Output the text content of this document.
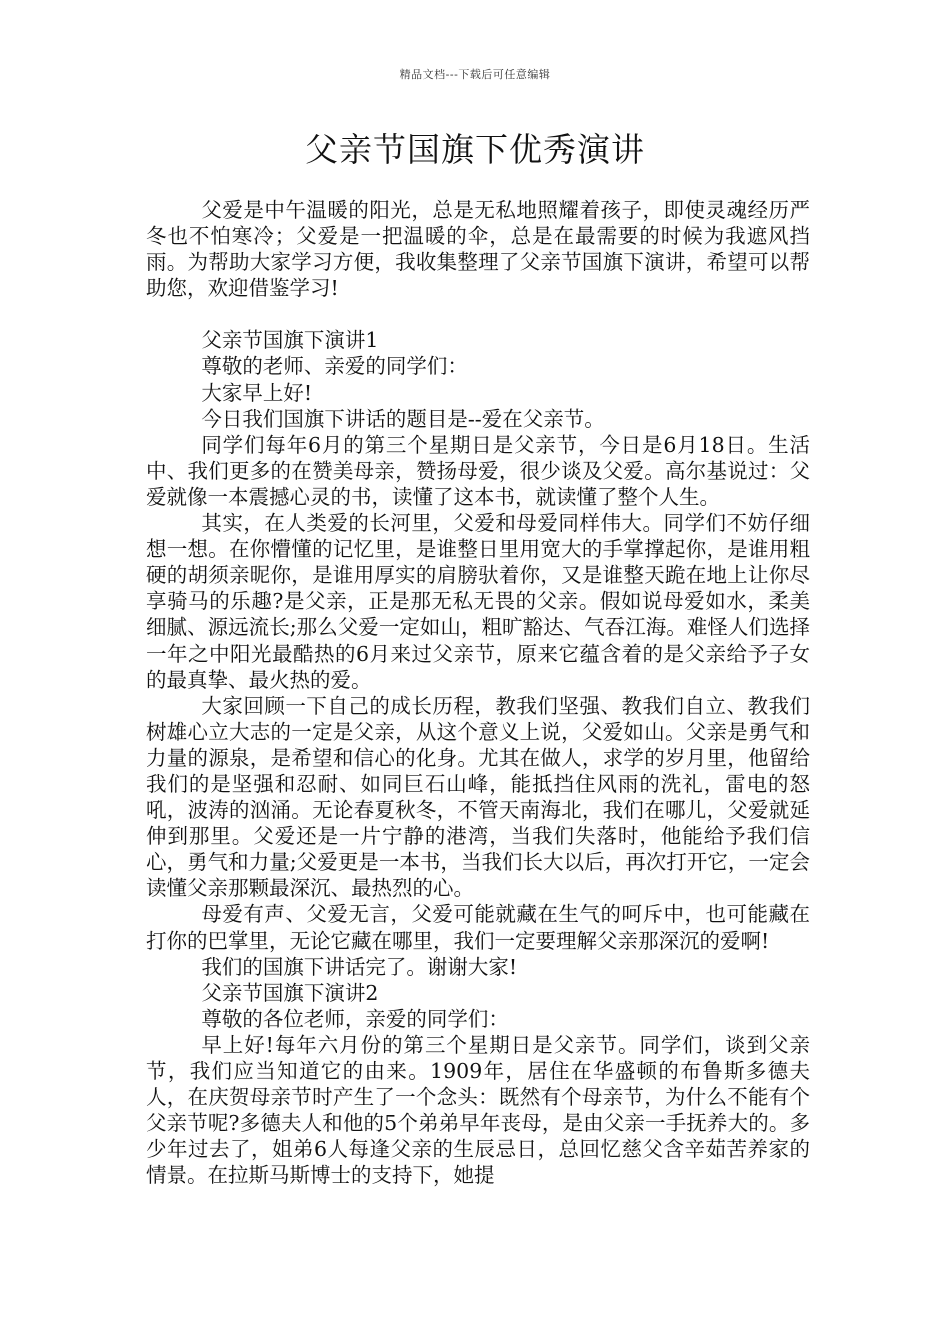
精品文档---下载后可任意编辑
父亲节国旗下优秀演讲

父爱是中午温暖的阳光，总是无私地照耀着孩子，即使灵魂经历严冬也不怕寒冷；父爱是一把温暖的伞，总是在最需要的时候为我遮风挡雨。为帮助大家学习方便，我收集整理了父亲节国旗下演讲，希望可以帮助您，欢迎借鉴学习!

父亲节国旗下演讲1

尊敬的老师、亲爱的同学们：

大家早上好!

今日我们国旗下讲话的题目是--爱在父亲节。

同学们每年6月的第三个星期日是父亲节，今日是6月18日。生活中、我们更多的在赞美母亲，赞扬母爱，很少谈及父爱。高尔基说过：父爱就像一本震撼心灵的书，读懂了这本书，就读懂了整个人生。

其实，在人类爱的长河里，父爱和母爱同样伟大。同学们不妨仔细想一想。在你懵懂的记忆里，是谁整日里用宽大的手掌撑起你，是谁用粗硬的胡须亲昵你，是谁用厚实的肩膀驮着你，又是谁整天跪在地上让你尽享骑马的乐趣?是父亲，正是那无私无畏的父亲。假如说母爱如水，柔美细腻、源远流长;那么父爱一定如山，粗旷豁达、气吞江海。难怪人们选择一年之中阳光最酷热的6月来过父亲节，原来它蕴含着的是父亲给予子女的最真挚、最火热的爱。

大家回顾一下自己的成长历程，教我们坚强、教我们自立、教我们树雄心立大志的一定是父亲，从这个意义上说，父爱如山。父亲是勇气和力量的源泉，是希望和信心的化身。尤其在做人，求学的岁月里，他留给我们的是坚强和忍耐、如同巨石山峰，能抵挡住风雨的洗礼，雷电的怒吼，波涛的汹涌。无论春夏秋冬，不管天南海北，我们在哪儿，父爱就延伸到那里。父爱还是一片宁静的港湾，当我们失落时，他能给予我们信心，勇气和力量;父爱更是一本书，当我们长大以后，再次打开它，一定会读懂父亲那颗最深沉、最热烈的心。

母爱有声、父爱无言，父爱可能就藏在生气的呵斥中，也可能藏在打你的巴掌里，无论它藏在哪里，我们一定要理解父亲那深沉的爱啊!

我们的国旗下讲话完了。谢谢大家!

父亲节国旗下演讲2

尊敬的各位老师，亲爱的同学们：

早上好!每年六月份的第三个星期日是父亲节。同学们，谈到父亲节，我们应当知道它的由来。1909年，居住在华盛顿的布鲁斯多德夫人，在庆贺母亲节时产生了一个念头：既然有个母亲节，为什么不能有个父亲节呢?多德夫人和他的5个弟弟早年丧母，是由父亲一手抚养大的。多少年过去了，姐弟6人每逢父亲的生辰忌日，总回忆慈父含辛茹苦养家的情景。在拉斯马斯博士的支持下，她提
